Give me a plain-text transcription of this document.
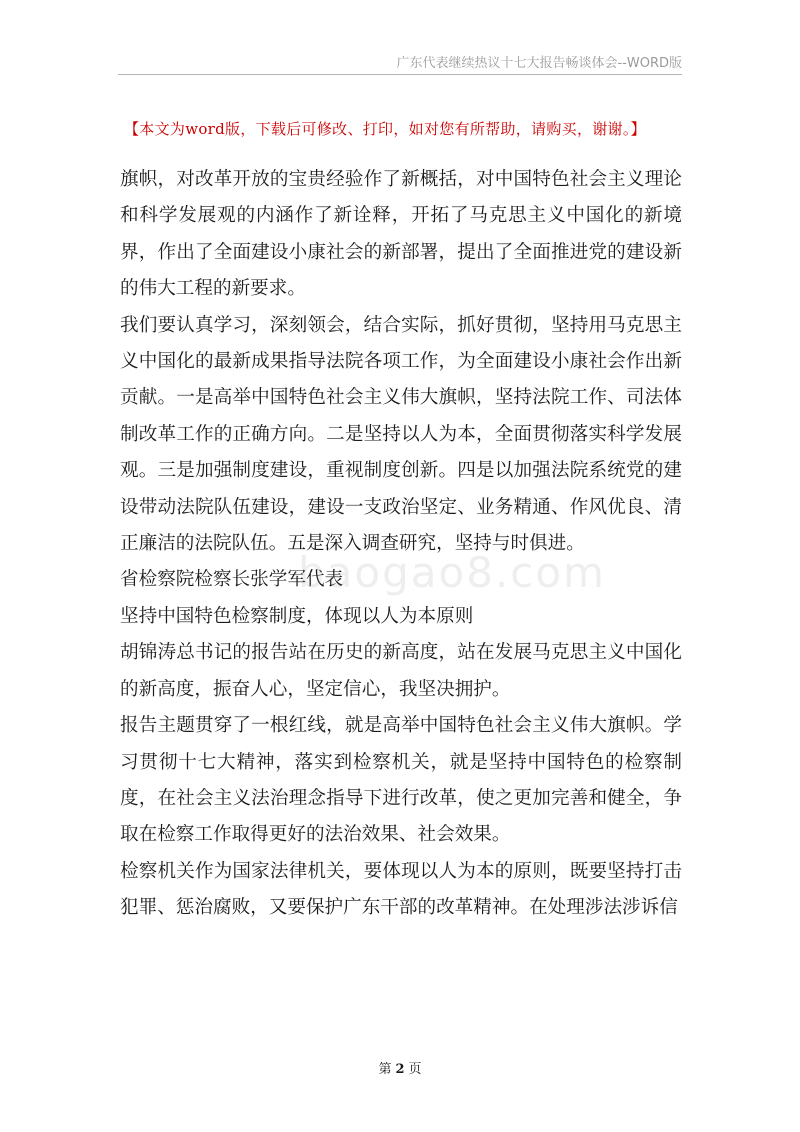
广东代表继续热议十七大报告畅谈体会--WORD版
【本文为word版，下载后可修改、打印，如对您有所帮助，请购买，谢谢。】

旗帜，对改革开放的宝贵经验作了新概括，对中国特色社会主义理论和科学发展观的内涵作了新诠释，开拓了马克思主义中国化的新境界，作出了全面建设小康社会的新部署，提出了全面推进党的建设新的伟大工程的新要求。

我们要认真学习，深刻领会，结合实际，抓好贯彻，坚持用马克思主义中国化的最新成果指导法院各项工作，为全面建设小康社会作出新贡献。一是高举中国特色社会主义伟大旗帜，坚持法院工作、司法体制改革工作的正确方向。二是坚持以人为本，全面贯彻落实科学发展观。三是加强制度建设，重视制度创新。四是以加强法院系统党的建设带动法院队伍建设，建设一支政治坚定、业务精通、作风优良、清正廉洁的法院队伍。五是深入调查研究，坚持与时俱进。

省检察院检察长张学军代表

坚持中国特色检察制度，体现以人为本原则

胡锦涛总书记的报告站在历史的新高度，站在发展马克思主义中国化的新高度，振奋人心，坚定信心，我坚决拥护。

报告主题贯穿了一根红线，就是高举中国特色社会主义伟大旗帜。学习贯彻十七大精神，落实到检察机关，就是坚持中国特色的检察制度，在社会主义法治理念指导下进行改革，使之更加完善和健全，争取在检察工作取得更好的法治效果、社会效果。

检察机关作为国家法律机关，要体现以人为本的原则，既要坚持打击犯罪、惩治腐败，又要保护广东干部的改革精神。在处理涉法涉诉信

baogao8.com
第 2 页
